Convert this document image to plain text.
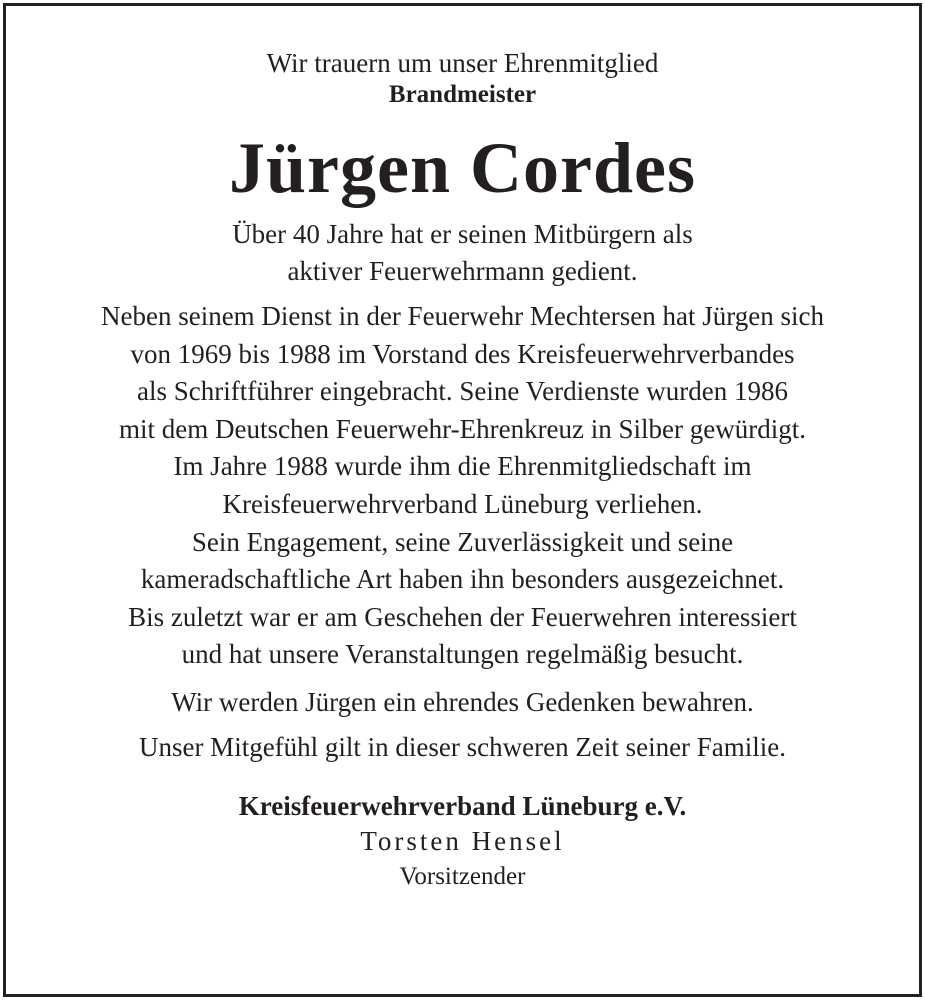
Wir trauern um unser Ehrenmitglied
Brandmeister
Jürgen Cordes
Über 40 Jahre hat er seinen Mitbürgern als
aktiver Feuerwehrmann gedient.
Neben seinem Dienst in der Feuerwehr Mechtersen hat Jürgen sich
von 1969 bis 1988 im Vorstand des Kreisfeuerwehrverbandes
als Schriftführer eingebracht. Seine Verdienste wurden 1986
mit dem Deutschen Feuerwehr-Ehrenkreuz in Silber gewürdigt.
Im Jahre 1988 wurde ihm die Ehrenmitgliedschaft im
Kreisfeuerwehrverband Lüneburg verliehen.
Sein Engagement, seine Zuverlässigkeit und seine
kameradschaftliche Art haben ihn besonders ausgezeichnet.
Bis zuletzt war er am Geschehen der Feuerwehren interessiert
und hat unsere Veranstaltungen regelmäßig besucht.
Wir werden Jürgen ein ehrendes Gedenken bewahren.
Unser Mitgefühl gilt in dieser schweren Zeit seiner Familie.
Kreisfeuerwehrverband Lüneburg e.V.
Torsten Hensel
Vorsitzender
